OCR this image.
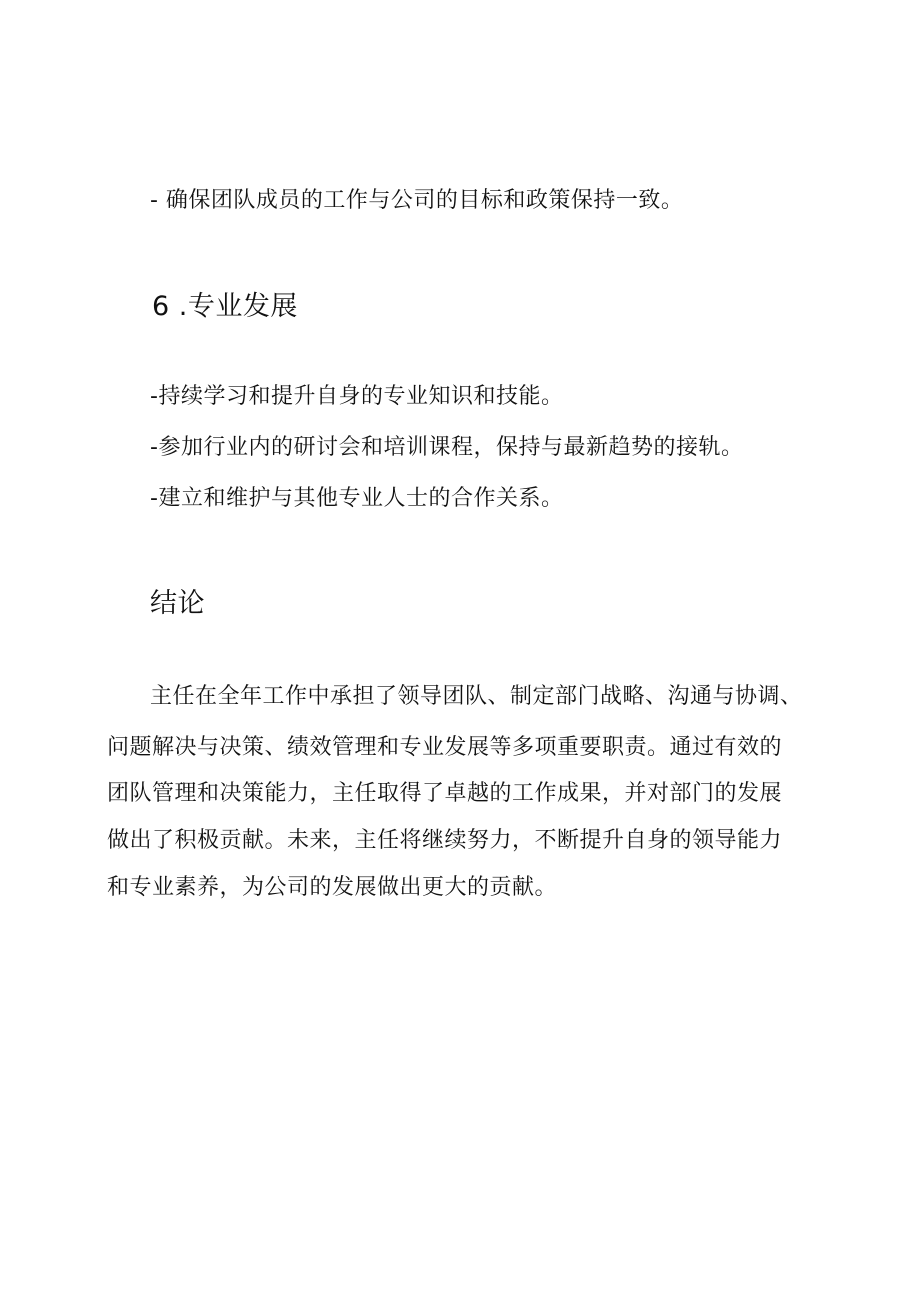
- 确保团队成员的工作与公司的目标和政策保持一致。
6 .专业发展
-持续学习和提升自身的专业知识和技能。
-参加行业内的研讨会和培训课程，保持与最新趋势的接轨。
-建立和维护与其他专业人士的合作关系。
结论
主任在全年工作中承担了领导团队、制定部门战略、沟通与协调、
问题解决与决策、绩效管理和专业发展等多项重要职责。通过有效的
团队管理和决策能力，主任取得了卓越的工作成果，并对部门的发展
做出了积极贡献。未来，主任将继续努力，不断提升自身的领导能力
和专业素养，为公司的发展做出更大的贡献。
